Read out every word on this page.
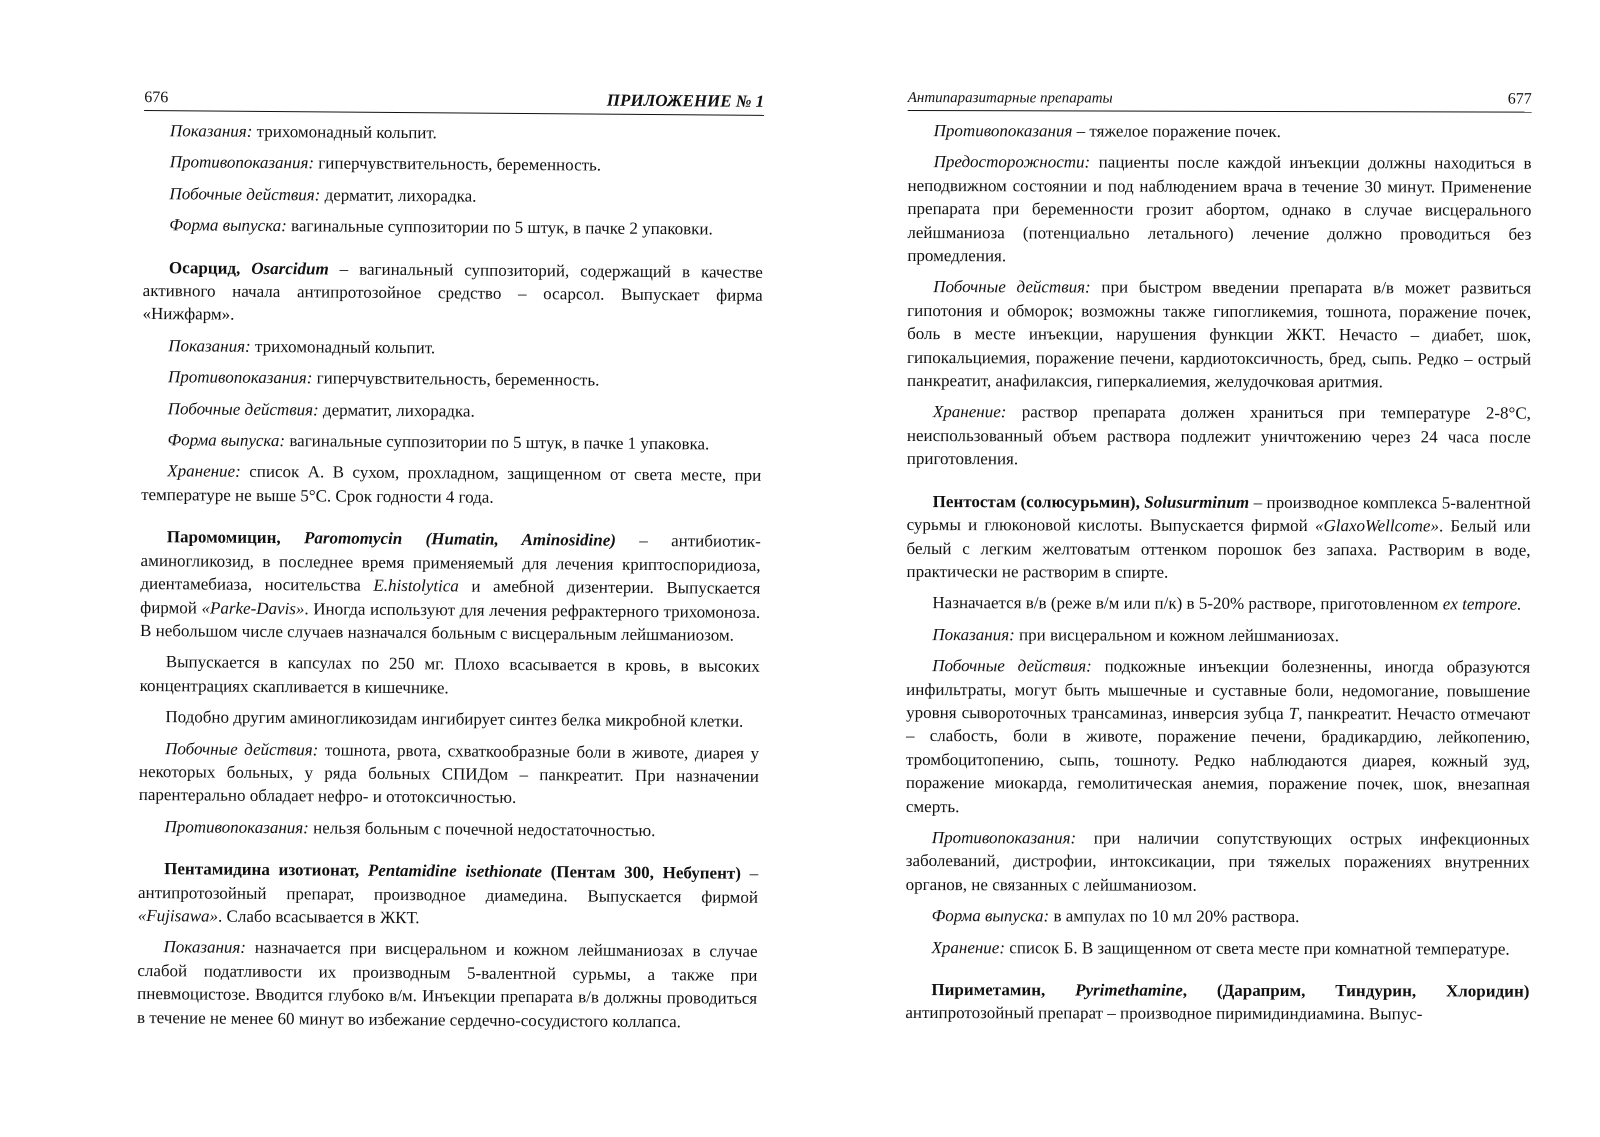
676	ПРИЛОЖЕНИЕ № 1

Показания: трихомонадный кольпит.

Противопоказания: гиперчувствительность, беременность.

Побочные действия: дерматит, лихорадка.

Форма выпуска: вагинальные суппозитории по 5 штук, в пачке 2 упаковки.

Осарцид, Osarcidum – вагинальный суппозиторий, содержащий в качестве активного начала антипротозойное средство – осарсол. Выпускает фирма «Нижфарм».

Показания: трихомонадный кольпит.

Противопоказания: гиперчувствительность, беременность.

Побочные действия: дерматит, лихорадка.

Форма выпуска: вагинальные суппозитории по 5 штук, в пачке 1 упаковка.

Хранение: список А. В сухом, прохладном, защищенном от света месте, при температуре не выше 5°С. Срок годности 4 года.

Паромомицин, Paromomycin (Humatin, Aminosidine) – антибиотик-аминогликозид, в последнее время применяемый для лечения криптоспоридиоза, диентамебиаза, носительства E.histolytica и амебной дизентерии. Выпускается фирмой «Parke-Davis». Иногда используют для лечения рефрактерного трихомоноза. В небольшом числе случаев назначался больным с висцеральным лейшманиозом.

Выпускается в капсулах по 250 мг. Плохо всасывается в кровь, в высоких концентрациях скапливается в кишечнике.

Подобно другим аминогликозидам ингибирует синтез белка микробной клетки.

Побочные действия: тошнота, рвота, схваткообразные боли в животе, диарея у некоторых больных, у ряда больных СПИДом – панкреатит. При назначении парентерально обладает нефро- и ототоксичностью.

Противопоказания: нельзя больным с почечной недостаточностью.

Пентамидина изотионат, Pentamidine isethionate (Пентам 300, Небупент) – антипротозойный препарат, производное диамедина. Выпускается фирмой «Fujisawa». Слабо всасывается в ЖКТ.

Показания: назначается при висцеральном и кожном лейшманиозах в случае слабой податливости их производным 5-валентной сурьмы, а также при пневмоцистозе. Вводится глубоко в/м. Инъекции препарата в/в должны проводиться в течение не менее 60 минут во избежание сердечно-сосудистого коллапса.

Антипаразитарные препараты	677

Противопоказания – тяжелое поражение почек.

Предосторожности: пациенты после каждой инъекции должны находиться в неподвижном состоянии и под наблюдением врача в течение 30 минут. Применение препарата при беременности грозит абортом, однако в случае висцерального лейшманиоза (потенциально летального) лечение должно проводиться без промедления.

Побочные действия: при быстром введении препарата в/в может развиться гипотония и обморок; возможны также гипогликемия, тошнота, поражение почек, боль в месте инъекции, нарушения функции ЖКТ. Нечасто – диабет, шок, гипокальциемия, поражение печени, кардиотоксичность, бред, сыпь. Редко – острый панкреатит, анафилаксия, гиперкалиемия, желудочковая аритмия.

Хранение: раствор препарата должен храниться при температуре 2-8°С, неиспользованный объем раствора подлежит уничтожению через 24 часа после приготовления.

Пентостам (солюсурьмин), Solusurminum – производное комплекса 5-валентной сурьмы и глюконовой кислоты. Выпускается фирмой «GlaxoWellcome». Белый или белый с легким желтоватым оттенком порошок без запаха. Растворим в воде, практически не растворим в спирте.

Назначается в/в (реже в/м или п/к) в 5-20% растворе, приготовленном ex tempore.

Показания: при висцеральном и кожном лейшманиозах.

Побочные действия: подкожные инъекции болезненны, иногда образуются инфильтраты, могут быть мышечные и суставные боли, недомогание, повышение уровня сывороточных трансаминаз, инверсия зубца Т, панкреатит. Нечасто отмечают – слабость, боли в животе, поражение печени, брадикардию, лейкопению, тромбоцитопению, сыпь, тошноту. Редко наблюдаются диарея, кожный зуд, поражение миокарда, гемолитическая анемия, поражение почек, шок, внезапная смерть.

Противопоказания: при наличии сопутствующих острых инфекционных заболеваний, дистрофии, интоксикации, при тяжелых поражениях внутренних органов, не связанных с лейшманиозом.

Форма выпуска: в ампулах по 10 мл 20% раствора.

Хранение: список Б. В защищенном от света месте при комнатной температуре.

Пириметамин, Pyrimethamine, (Дараприм, Тиндурин, Хлоридин) антипротозойный препарат – производное пиримидиндиамина. Выпус-
